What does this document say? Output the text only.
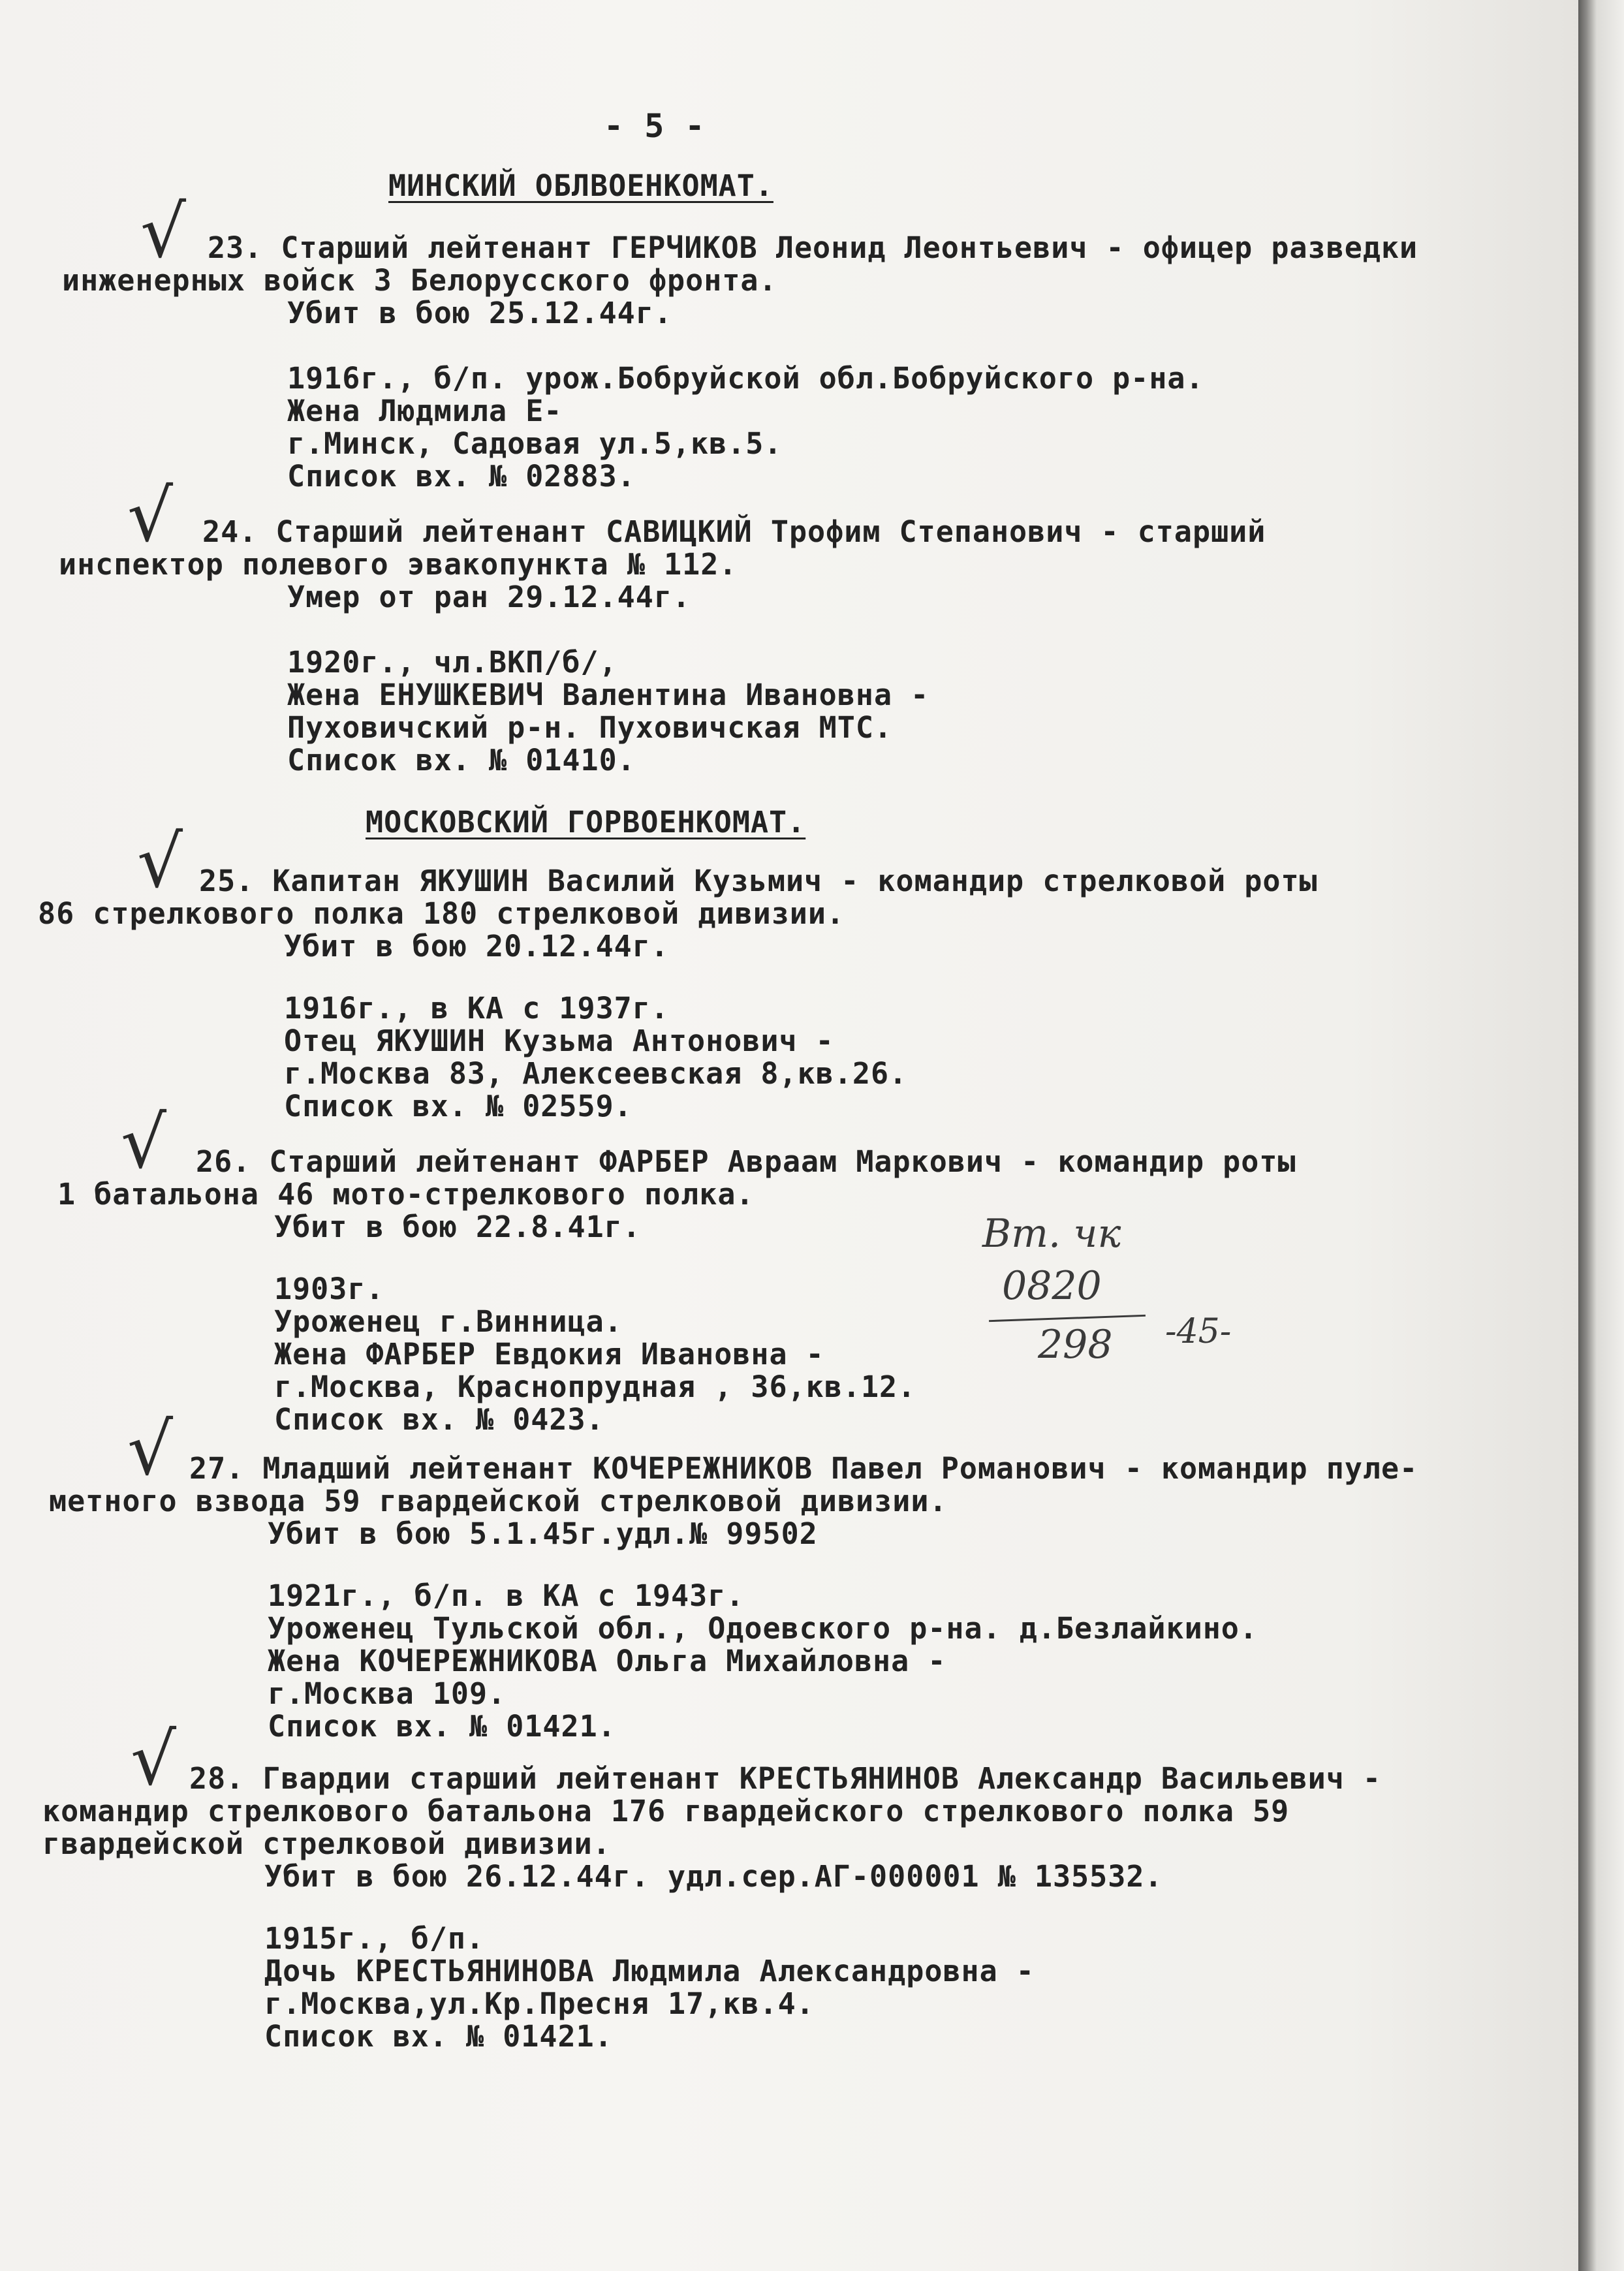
- 5 -
МИНСКИЙ ОБЛВОЕНКОМАТ.
√ 23. Старший лейтенант ГЕРЧИКОВ Леонид Леонтьевич - офицер разведки
инженерных войск 3 Белорусского фронта.
Убит в бою 25.12.44г.
1916г., б/п. урож.Бобруйской обл.Бобруйского р-на.
Жена Людмила Е-
г.Минск, Садовая ул.5,кв.5.
Список вх. № 02883.
√ 24. Старший лейтенант САВИЦКИЙ Трофим Степанович - старший
инспектор полевого эвакопункта № 112.
Умер от ран 29.12.44г.
1920г., чл.ВКП/б/,
Жена ЕНУШКЕВИЧ Валентина Ивановна -
Пуховичский р-н. Пуховичская МТС.
Список вх. № 01410.
МОСКОВСКИЙ ГОРВОЕНКОМАТ.
√ 25. Капитан ЯКУШИН Василий Кузьмич - командир стрелковой роты
86 стрелкового полка 180 стрелковой дивизии.
Убит в бою 20.12.44г.
1916г., в КА с 1937г.
Отец ЯКУШИН Кузьма Антонович -
г.Москва 83, Алексеевская 8,кв.26.
Список вх. № 02559.
√ 26. Старший лейтенант ФАРБЕР Авраам Маркович - командир роты
1 батальона 46 мото-стрелкового полка.
Убит в бою 22.8.41г.
1903г.
Уроженец г.Винница.
Жена ФАРБЕР Евдокия Ивановна -
г.Москва, Краснопрудная , 36,кв.12.
Список вх. № 0423.
Вт. чк
0820
298 -45-
√ 27. Младший лейтенант КОЧЕРЕЖНИКОВ Павел Романович - командир пуле-
метного взвода 59 гвардейской стрелковой дивизии.
Убит в бою 5.1.45г.удл.№ 99502
1921г., б/п. в КА с 1943г.
Уроженец Тульской обл., Одоевского р-на. д.Безлайкино.
Жена КОЧЕРЕЖНИКОВА Ольга Михайловна -
г.Москва 109.
Список вх. № 01421.
√ 28. Гвардии старший лейтенант КРЕСТЬЯНИНОВ Александр Васильевич -
командир стрелкового батальона 176 гвардейского стрелкового полка 59
гвардейской стрелковой дивизии.
Убит в бою 26.12.44г. удл.сер.АГ-000001 № 135532.
1915г., б/п.
Дочь КРЕСТЬЯНИНОВА Людмила Александровна -
г.Москва,ул.Кр.Пресня 17,кв.4.
Список вх. № 01421.
